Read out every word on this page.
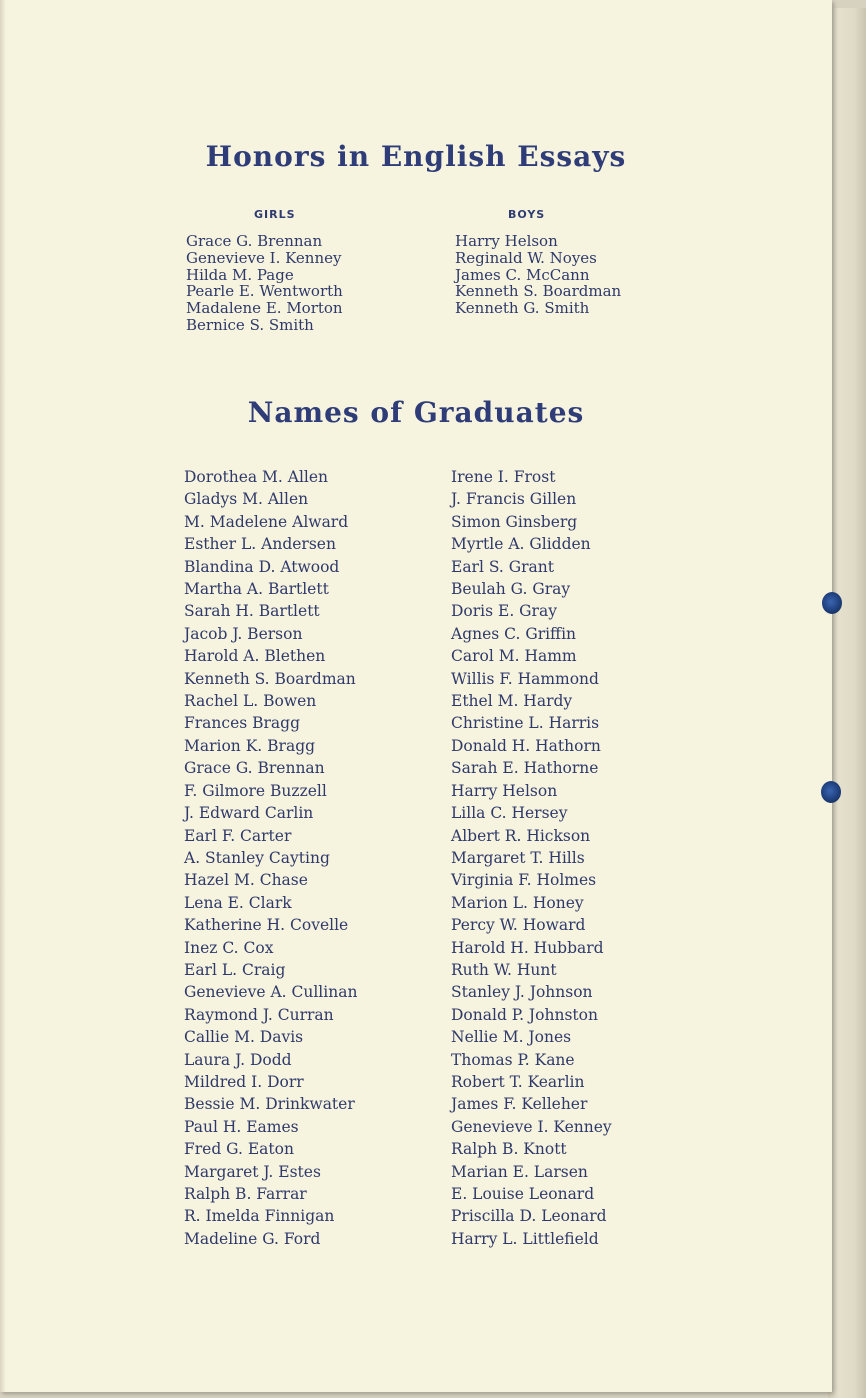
Honors in English Essays
GIRLS	BOYS
Grace G. Brennan
Genevieve I. Kenney
Hilda M. Page
Pearle E. Wentworth
Madalene E. Morton
Bernice S. Smith
Harry Helson
Reginald W. Noyes
James C. McCann
Kenneth S. Boardman
Kenneth G. Smith
Names of Graduates
Dorothea M. Allen
Gladys M. Allen
M. Madelene Alward
Esther L. Andersen
Blandina D. Atwood
Martha A. Bartlett
Sarah H. Bartlett
Jacob J. Berson
Harold A. Blethen
Kenneth S. Boardman
Rachel L. Bowen
Frances Bragg
Marion K. Bragg
Grace G. Brennan
F. Gilmore Buzzell
J. Edward Carlin
Earl F. Carter
A. Stanley Cayting
Hazel M. Chase
Lena E. Clark
Katherine H. Covelle
Inez C. Cox
Earl L. Craig
Genevieve A. Cullinan
Raymond J. Curran
Callie M. Davis
Laura J. Dodd
Mildred I. Dorr
Bessie M. Drinkwater
Paul H. Eames
Fred G. Eaton
Margaret J. Estes
Ralph B. Farrar
R. Imelda Finnigan
Madeline G. Ford
Irene I. Frost
J. Francis Gillen
Simon Ginsberg
Myrtle A. Glidden
Earl S. Grant
Beulah G. Gray
Doris E. Gray
Agnes C. Griffin
Carol M. Hamm
Willis F. Hammond
Ethel M. Hardy
Christine L. Harris
Donald H. Hathorn
Sarah E. Hathorne
Harry Helson
Lilla C. Hersey
Albert R. Hickson
Margaret T. Hills
Virginia F. Holmes
Marion L. Honey
Percy W. Howard
Harold H. Hubbard
Ruth W. Hunt
Stanley J. Johnson
Donald P. Johnston
Nellie M. Jones
Thomas P. Kane
Robert T. Kearlin
James F. Kelleher
Genevieve I. Kenney
Ralph B. Knott
Marian E. Larsen
E. Louise Leonard
Priscilla D. Leonard
Harry L. Littlefield
